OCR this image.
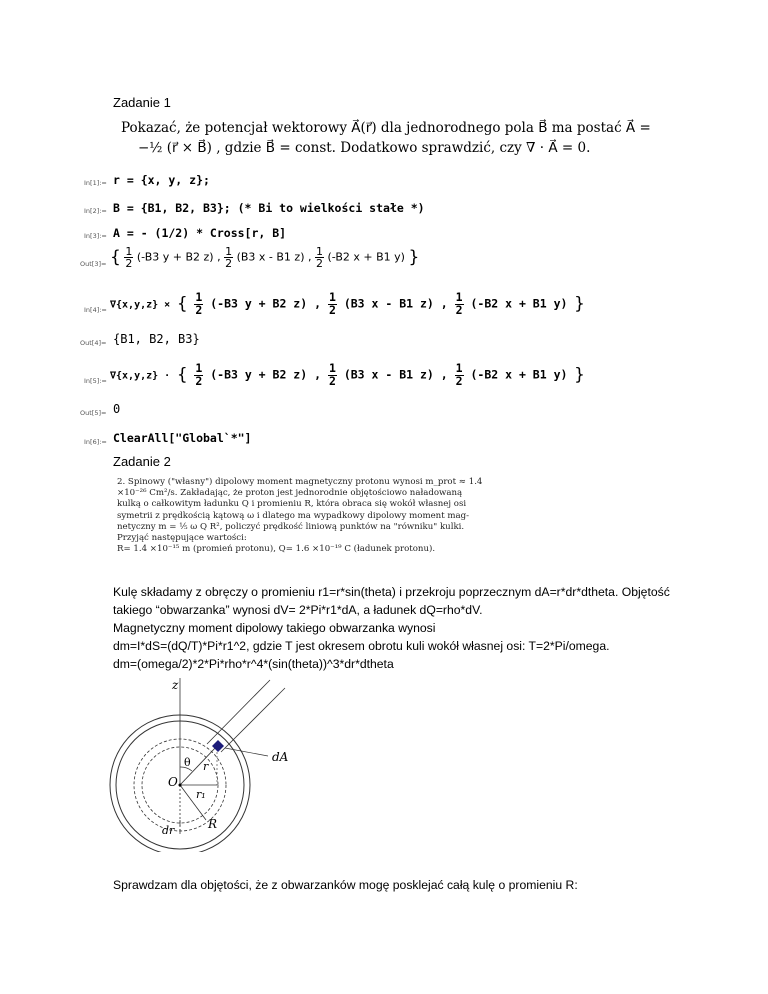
Zadanie 1
Pokazać, że potencjał wektorowy A⃗(r⃗) dla jednorodnego pola B⃗ ma postać A⃗ =
−½ (r⃗ × B⃗) , gdzie B⃗ = const. Dodatkowo sprawdzić, czy ∇ · A⃗ = 0.
In[1]:= r = {x, y, z};
In[2]:= B = {B1, B2, B3}; (* Bi to wielkości stałe *)
In[3]:= A = - (1/2) * Cross[r, B]
Out[3]= { $\frac{1}{2} (-B3$ y + B2 z) , $\frac{1}{2} (B3$ x - B1 z) , $\frac{1}{2} (-B2$ x + B1 y) }
In[4]:= ∇{x,y,z} × { $\frac{1}{2} (-B3$ y + B2 z) , $\frac{1}{2} (B3$ x - B1 z) , $\frac{1}{2} (-B2$ x + B1 y) }
Out[4]= {B1, B2, B3}
In[5]:= ∇{x,y,z} · { $\frac{1}{2} (-B3$ y + B2 z) , $\frac{1}{2} (B3$ x - B1 z) , $\frac{1}{2} (-B2$ x + B1 y) }
Out[5]= 0
In[6]:= ClearAll["Global`*"]
Zadanie 2
2. Spinowy ("własny") dipolowy moment magnetyczny protonu wynosi m_prot ≈ 1.4
×10⁻²⁶ Cm²/s. Zakładając, że proton jest jednorodnie objętościowo naładowaną
kulką o całkowitym ładunku Q i promieniu R, która obraca się wokół własnej osi
symetrii z prędkością kątową ω i dlatego ma wypadkowy dipolowy moment mag-
netyczny m = ⅕ ω Q R², policzyć prędkość liniową punktów na "równiku" kulki.
Przyjąć następujące wartości:
R= 1.4 ×10⁻¹⁵ m (promień protonu), Q= 1.6 ×10⁻¹⁹ C (ładunek protonu).
Kulę składamy z obręczy o promieniu r1=r*sin(theta) i przekroju poprzecznym dA=r*dr*dtheta. Objętość
takiego “obwarzanka” wynosi dV= 2*Pi*r1*dA, a ładunek dQ=rho*dV.
Magnetyczny moment dipolowy takiego obwarzanka wynosi
dm=I*dS=(dQ/T)*Pi*r1^2, gdzie T jest okresem obrotu kuli wokół własnej osi: T=2*Pi/omega.
dm=(omega/2)*2*Pi*rho*r^4*(sin(theta))^3*dr*dtheta
z
θ r
dA
O
r₁
R
dr
Sprawdzam dla objętości, że z obwarzanków mogę posklejać całą kulę o promieniu R:
